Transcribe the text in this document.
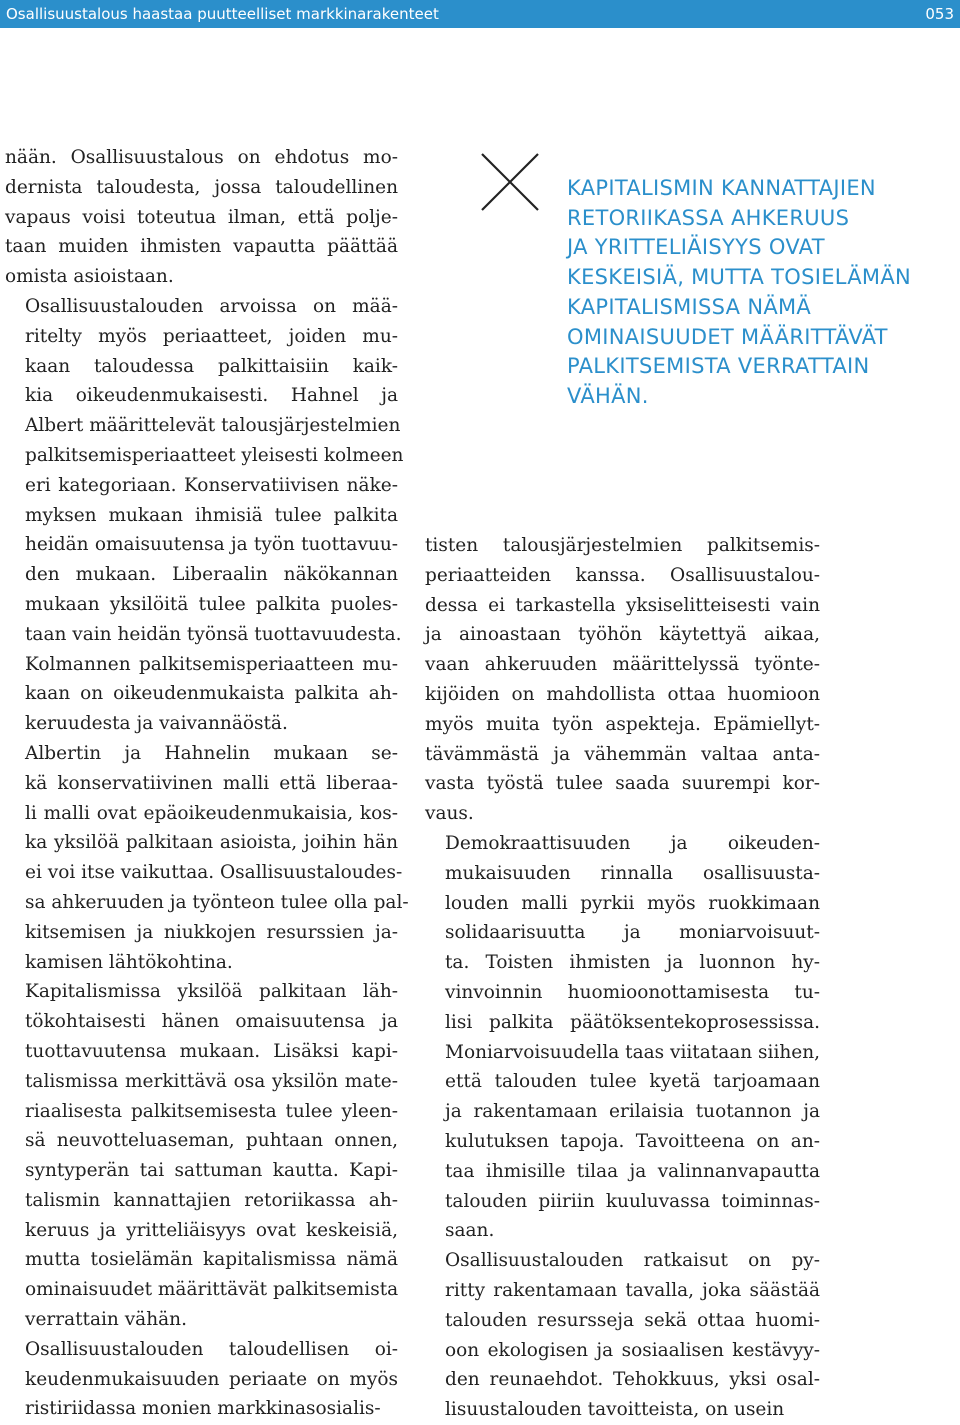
Osallisuustalous haastaa puutteelliset markkinarakenteet	053

nään. Osallisuustalous on ehdotus mo-
dernista taloudesta, jossa taloudellinen
vapaus voisi toteutua ilman, että polje-
taan muiden ihmisten vapautta päättää
omista asioistaan.

Osallisuustalouden arvoissa on mää-
ritelty myös periaatteet, joiden mu-
kaan taloudessa palkittaisiin kaik-
kia oikeudenmukaisesti. Hahnel ja
Albert määrittelevät talousjärjestelmien
palkitsemisperiaatteet yleisesti kolmeen
eri kategoriaan. Konservatiivisen näke-
myksen mukaan ihmisiä tulee palkita
heidän omaisuutensa ja työn tuottavuu-
den mukaan. Liberaalin näkökannan
mukaan yksilöitä tulee palkita puoles-
taan vain heidän työnsä tuottavuudesta.
Kolmannen palkitsemisperiaatteen mu-
kaan on oikeudenmukaista palkita ah-
keruudesta ja vaivannäöstä.

Albertin ja Hahnelin mukaan se-
kä konservatiivinen malli että liberaa-
li malli ovat epäoikeudenmukaisia, kos-
ka yksilöä palkitaan asioista, joihin hän
ei voi itse vaikuttaa. Osallisuustaloudes-
sa ahkeruuden ja työnteon tulee olla pal-
kitsemisen ja niukkojen resurssien ja-
kamisen lähtökohtina.

Kapitalismissa yksilöä palkitaan läh-
tökohtaisesti hänen omaisuutensa ja
tuottavuutensa mukaan. Lisäksi kapi-
talismissa merkittävä osa yksilön mate-
riaalisesta palkitsemisesta tulee yleen-
sä neuvotteluaseman, puhtaan onnen,
syntyperän tai sattuman kautta. Kapi-
talismin kannattajien retoriikassa ah-
keruus ja yritteliäisyys ovat keskeisiä,
mutta tosielämän kapitalismissa nämä
ominaisuudet määrittävät palkitsemista
verrattain vähän.

Osallisuustalouden taloudellisen oi-
keudenmukaisuuden periaate on myös
ristiriidassa monien markkinasosialis-

KAPITALISMIN KANNATTAJIEN
RETORIIKASSA AHKERUUS
JA YRITTELIÄISYYS OVAT
KESKEISIÄ, MUTTA TOSIELÄMÄN
KAPITALISMISSA NÄMÄ
OMINAISUUDET MÄÄRITTÄVÄT
PALKITSEMISTA VERRATTAIN
VÄHÄN.

tisten talousjärjestelmien palkitsemis-
periaatteiden kanssa. Osallisuustalou-
dessa ei tarkastella yksiselitteisesti vain
ja ainoastaan työhön käytettyä aikaa,
vaan ahkeruuden määrittelyssä työnte-
kijöiden on mahdollista ottaa huomioon
myös muita työn aspekteja. Epämiellyt-
tävämmästä ja vähemmän valtaa anta-
vasta työstä tulee saada suurempi kor-
vaus.

Demokraattisuuden ja oikeuden-
mukaisuuden rinnalla osallisuusta-
louden malli pyrkii myös ruokkimaan
solidaarisuutta ja moniarvoisuut-
ta. Toisten ihmisten ja luonnon hy-
vinvoinnin huomioonottamisesta tu-
lisi palkita päätöksentekoprosessissa.
Moniarvoisuudella taas viitataan siihen,
että talouden tulee kyetä tarjoamaan
ja rakentamaan erilaisia tuotannon ja
kulutuksen tapoja. Tavoitteena on an-
taa ihmisille tilaa ja valinnanvapautta
talouden piiriin kuuluvassa toiminnas-
saan.

Osallisuustalouden ratkaisut on py-
ritty rakentamaan tavalla, joka säästää
talouden resursseja sekä ottaa huomi-
oon ekologisen ja sosiaalisen kestävyy-
den reunaehdot. Tehokkuus, yksi osal-
lisuustalouden tavoitteista, on usein
